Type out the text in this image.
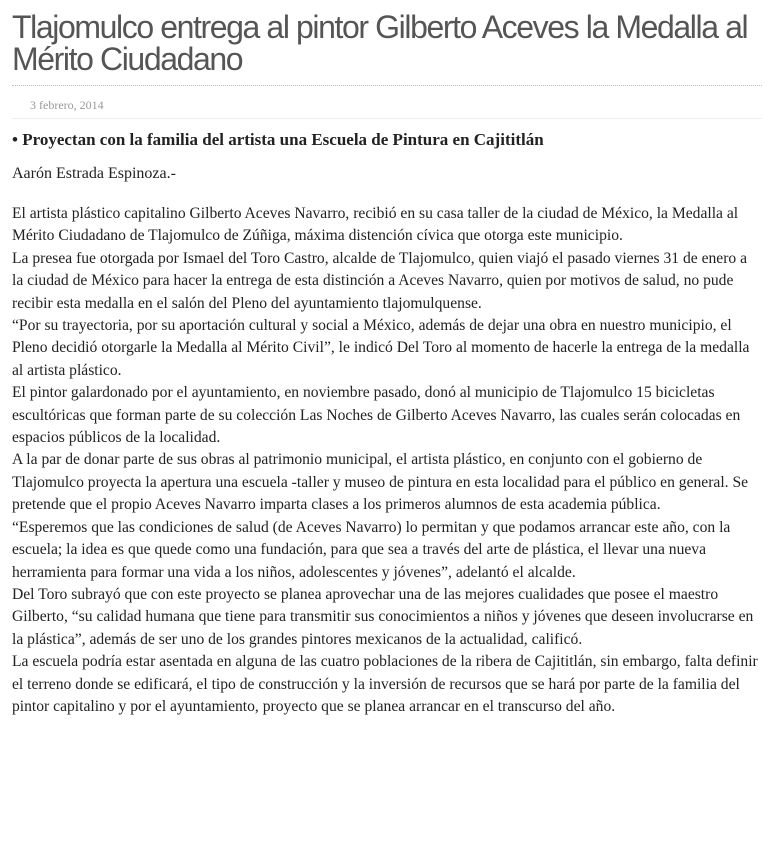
Tlajomulco entrega al pintor Gilberto Aceves la Medalla al Mérito Ciudadano
3 febrero, 2014
• Proyectan con la familia del artista una Escuela de Pintura en Cajititlán
Aarón Estrada Espinoza.-

El artista plástico capitalino Gilberto Aceves Navarro, recibió en su casa taller de la ciudad de México, la Medalla al Mérito Ciudadano de Tlajomulco de Zúñiga, máxima distención cívica que otorga este municipio.

La presea fue otorgada por Ismael del Toro Castro, alcalde de Tlajomulco, quien viajó el pasado viernes 31 de enero a la ciudad de México para hacer la entrega de esta distinción a Aceves Navarro, quien por motivos de salud, no pude recibir esta medalla en el salón del Pleno del ayuntamiento tlajomulquense.

“Por su trayectoria, por su aportación cultural y social a México, además de dejar una obra en nuestro municipio, el Pleno decidió otorgarle la Medalla al Mérito Civil”, le indicó Del Toro al momento de hacerle la entrega de la medalla al artista plástico.

El pintor galardonado por el ayuntamiento, en noviembre pasado, donó al municipio de Tlajomulco 15 bicicletas escultóricas que forman parte de su colección Las Noches de Gilberto Aceves Navarro, las cuales serán colocadas en espacios públicos de la localidad.

A la par de donar parte de sus obras al patrimonio municipal, el artista plástico, en conjunto con el gobierno de Tlajomulco proyecta la apertura una escuela -taller y museo de pintura en esta localidad para el público en general. Se pretende que el propio Aceves Navarro imparta clases a los primeros alumnos de esta academia pública.

“Esperemos que las condiciones de salud (de Aceves Navarro) lo permitan y que podamos arrancar este año, con la escuela; la idea es que quede como una fundación, para que sea a través del arte de plástica, el llevar una nueva herramienta para formar una vida a los niños, adolescentes y jóvenes”, adelantó el alcalde.

Del Toro subrayó que con este proyecto se planea aprovechar una de las mejores cualidades que posee el maestro Gilberto, “su calidad humana que tiene para transmitir sus conocimientos a niños y jóvenes que deseen involucrarse en la plástica”, además de ser uno de los grandes pintores mexicanos de la actualidad, calificó.

La escuela podría estar asentada en alguna de las cuatro poblaciones de la ribera de Cajititlán, sin embargo, falta definir el terreno donde se edificará, el tipo de construcción y la inversión de recursos que se hará por parte de la familia del pintor capitalino y por el ayuntamiento, proyecto que se planea arrancar en el transcurso del año.
